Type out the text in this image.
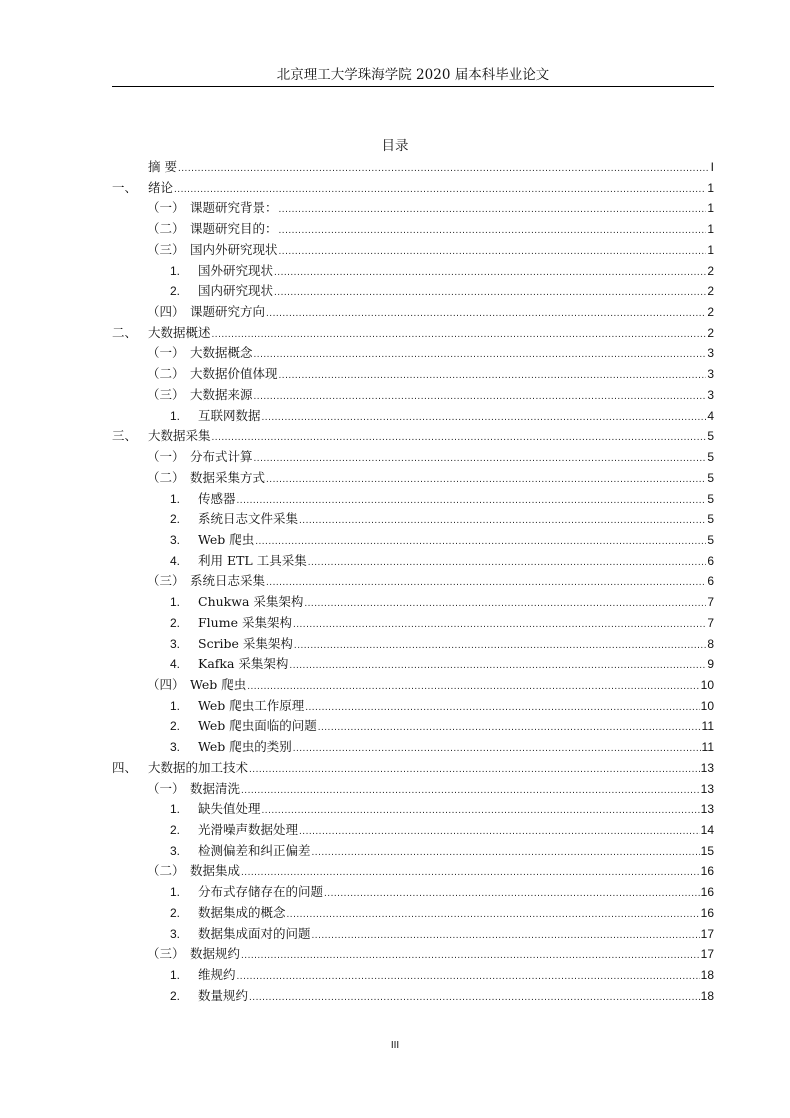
北京理工大学珠海学院 2020 届本科毕业论文
目录
摘 要 .....	I
一、 绪论 .....	1
（一） 课题研究背景： .....	1
（二） 课题研究目的： .....	1
（三） 国内外研究现状 .....	1
1.	国外研究现状 .....	2
2.	国内研究现状 .....	2
（四） 课题研究方向 .....	2
二、 大数据概述 .....	2
（一） 大数据概念 .....	3
（二） 大数据价值体现 .....	3
（三） 大数据来源 .....	3
1.	互联网数据 .....	4
三、 大数据采集 .....	5
（一） 分布式计算 .....	5
（二） 数据采集方式 .....	5
1.	传感器 .....	5
2.	系统日志文件采集 .....	5
3.	Web 爬虫 .....	5
4.	利用 ETL 工具采集 .....	6
（三） 系统日志采集 .....	6
1.	Chukwa 采集架构 .....	7
2.	Flume 采集架构 .....	7
3.	Scribe 采集架构 .....	8
4.	Kafka 采集架构 .....	9
（四） Web 爬虫 .....	10
1.	Web 爬虫工作原理 .....	10
2.	Web 爬虫面临的问题 .....	11
3.	Web 爬虫的类别 .....	11
四、 大数据的加工技术 .....	13
（一） 数据清洗 .....	13
1.	缺失值处理 .....	13
2.	光滑噪声数据处理 .....	14
3.	检测偏差和纠正偏差 .....	15
（二） 数据集成 .....	16
1.	分布式存储存在的问题 .....	16
2.	数据集成的概念 .....	16
3.	数据集成面对的问题 .....	17
（三） 数据规约 .....	17
1.	维规约 .....	18
2.	数量规约 .....	18
III
